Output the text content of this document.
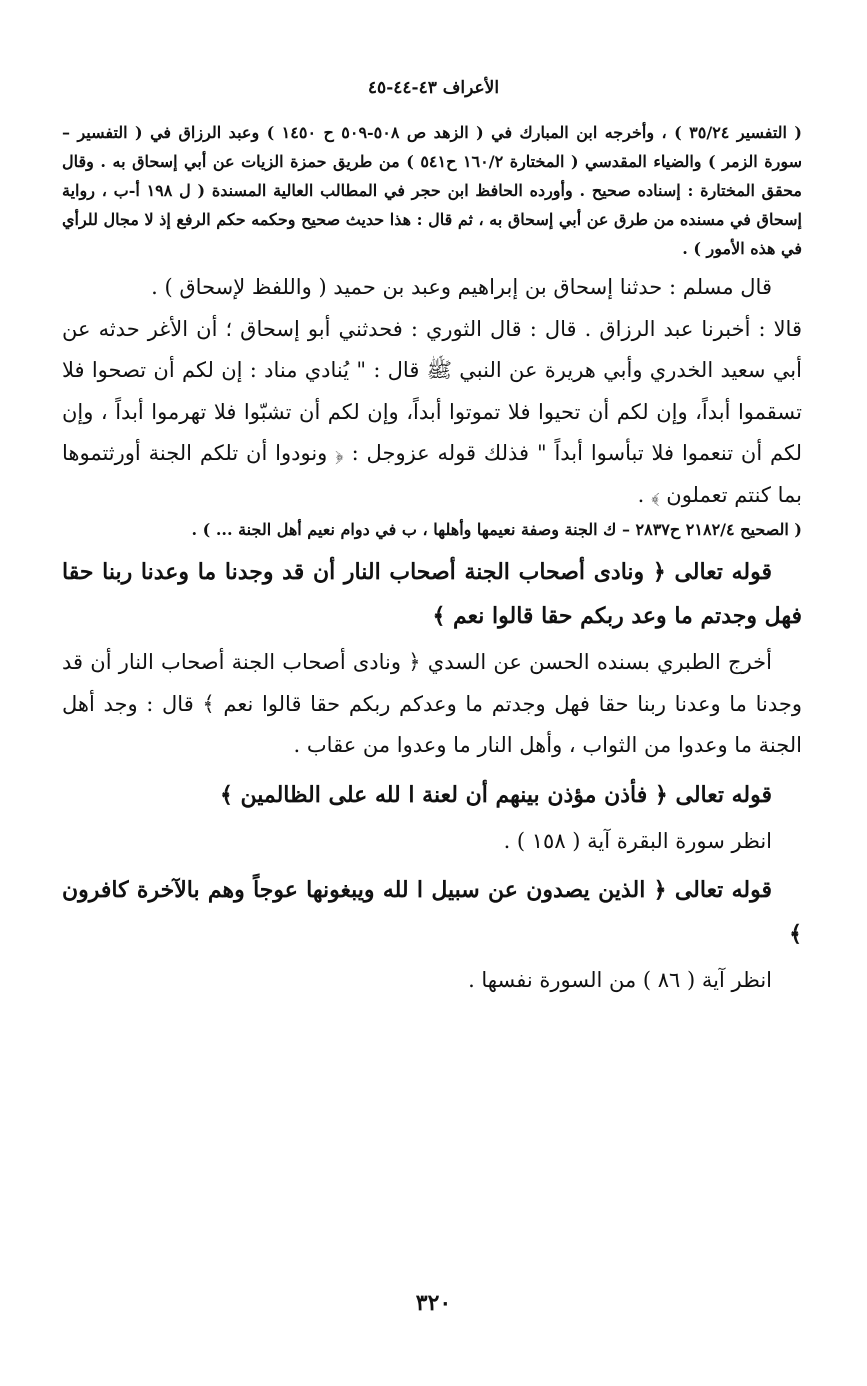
الأعراف ٤٣-٤٤-٤٥

( التفسير ٣٥/٢٤ ) ، وأخرجه ابن المبارك في ( الزهد ص ٥٠٨-٥٠٩ ح ١٤٥٠ ) وعبد الرزاق في ( التفسير – سورة الزمر ) والضياء المقدسي ( المختارة ١٦٠/٢ ح٥٤١ ) من طريق حمزة الزيات عن أبي إسحاق به . وقال محقق المختارة : إسناده صحيح . وأورده الحافظ ابن حجر في المطالب العالية المسندة ( ل ١٩٨ أ-ب ، رواية إسحاق في مسنده من طرق عن أبي إسحاق به ، ثم قال : هذا حديث صحيح وحكمه حكم الرفع إذ لا مجال للرأي في هذه الأمور ) .

قال مسلم : حدثنا إسحاق بن إبراهيم وعبد بن حميد ( واللفظ لإسحاق ) .

قالا : أخبرنا عبد الرزاق . قال : قال الثوري : فحدثني أبو إسحاق ؛ أن الأغر حدثه عن أبي سعيد الخدري وأبي هريرة عن النبي ﷺ قال : " يُنادي مناد : إن لكم أن تصحوا فلا تسقموا أبداً، وإن لكم أن تحيوا فلا تموتوا أبداً، وإن لكم أن تشبّوا فلا تهرموا أبداً ، وإن لكم أن تنعموا فلا تبأسوا أبداً " فذلك قوله عزوجل : ﴿ ونودوا أن تلكم الجنة أورثتموها بما كنتم تعملون ﴾ .

( الصحيح ٢١٨٢/٤ ح٢٨٣٧ – ك الجنة وصفة نعيمها وأهلها ، ب في دوام نعيم أهل الجنة ... ) .

قوله تعالى ﴿ ونادى أصحاب الجنة أصحاب النار أن قد وجدنا ما وعدنا ربنا حقا فهل وجدتم ما وعد ربكم حقا قالوا نعم ﴾

أخرج الطبري بسنده الحسن عن السدي ﴿ ونادى أصحاب الجنة أصحاب النار أن قد وجدنا ما وعدنا ربنا حقا فهل وجدتم ما وعدكم ربكم حقا قالوا نعم ﴾ قال : وجد أهل الجنة ما وعدوا من الثواب ، وأهل النار ما وعدوا من عقاب .

قوله تعالى ﴿ فأذن مؤذن بينهم أن لعنة ا لله على الظالمين ﴾

انظر سورة البقرة آية ( ١٥٨ ) .

قوله تعالى ﴿ الذين يصدون عن سبيل ا لله ويبغونها عوجاً وهم بالآخرة كافرون ﴾

انظر آية ( ٨٦ ) من السورة نفسها .

٣٢٠
